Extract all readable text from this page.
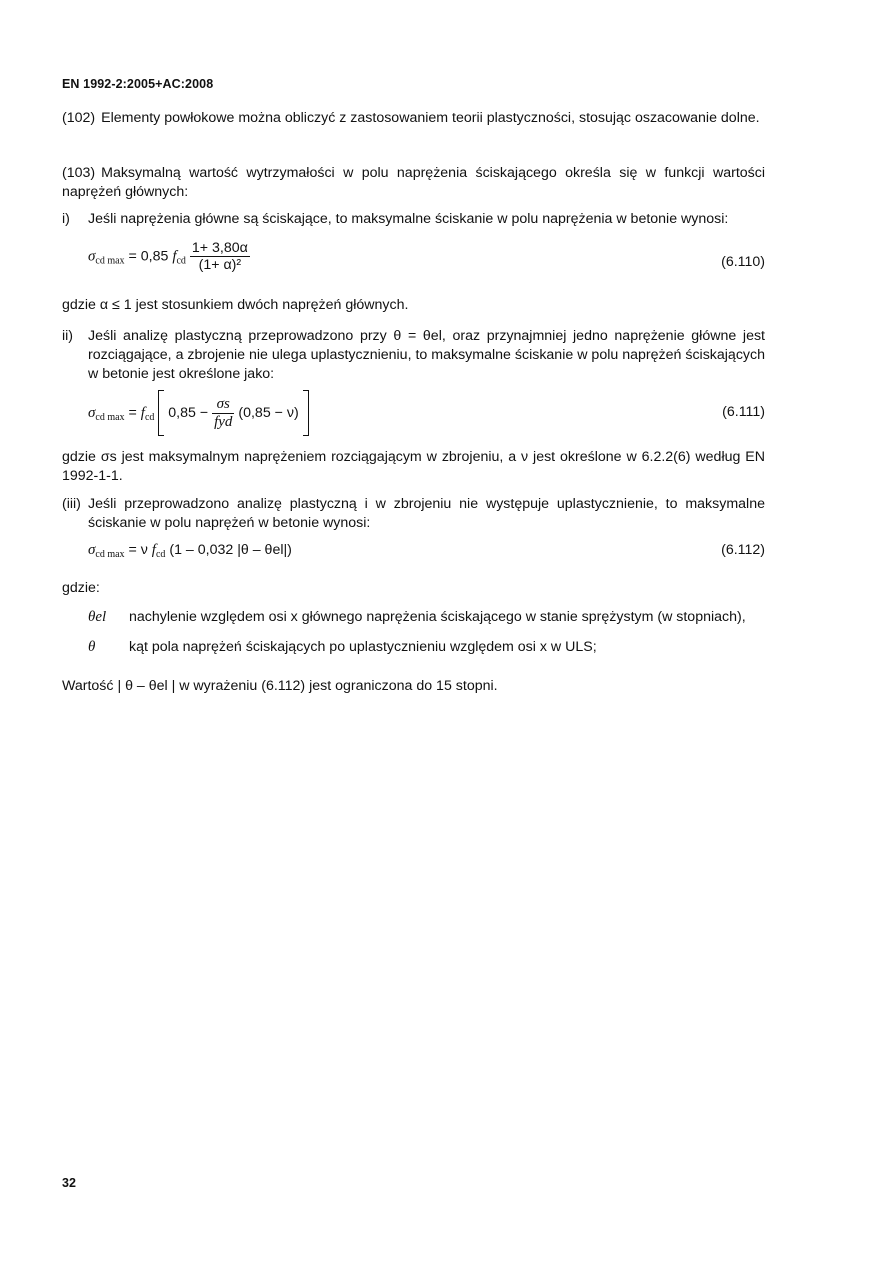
EN 1992-2:2005+AC:2008

(102) Elementy powłokowe można obliczyć z zastosowaniem teorii plastyczności, stosując oszacowanie dolne.

(103) Maksymalną wartość wytrzymałości w polu naprężenia ściskającego określa się w funkcji wartości naprężeń głównych:

i) Jeśli naprężenia główne są ściskające, to maksymalne ściskanie w polu naprężenia w betonie wynosi:
$\sigma_{cd max} = 0,85$ $f_{cd} \frac{1+ 3,80\alpha}{\text{(1+ α)²}}$	(6.110)

gdzie α ≤ 1 jest stosunkiem dwóch naprężeń głównych.

ii) Jeśli analizę plastyczną przeprowadzono przy θ = θel, oraz przynajmniej jedno naprężenie główne jest rozciągające, a zbrojenie nie ulega uplastycznieniu, to maksymalne ściskanie w polu naprężeń ściskających w betonie jest określone jako:
$\sigma_{cd max} = f_{cd}$ $0,85 - \frac{\sigma s}{\text{fyd}} (0,85 - \nu)$	(6.111)

gdzie σs jest maksymalnym naprężeniem rozciągającym w zbrojeniu, a ν jest określone w 6.2.2(6) według EN 1992-1-1.

(iii) Jeśli przeprowadzono analizę plastyczną i w zbrojeniu nie występuje uplastycznienie, to maksymalne ściskanie w polu naprężeń w betonie wynosi:
$\sigma_{cd max} = \nu$ $f_{cd}$ (1 – 0,032 |θ – θel|)	(6.112)

gdzie:

θel nachylenie względem osi x głównego naprężenia ściskającego w stanie sprężystym (w stopniach),
θ kąt pola naprężeń ściskających po uplastycznieniu względem osi x w ULS;

Wartość | θ – θel | w wyrażeniu (6.112) jest ograniczona do 15 stopni.

32
